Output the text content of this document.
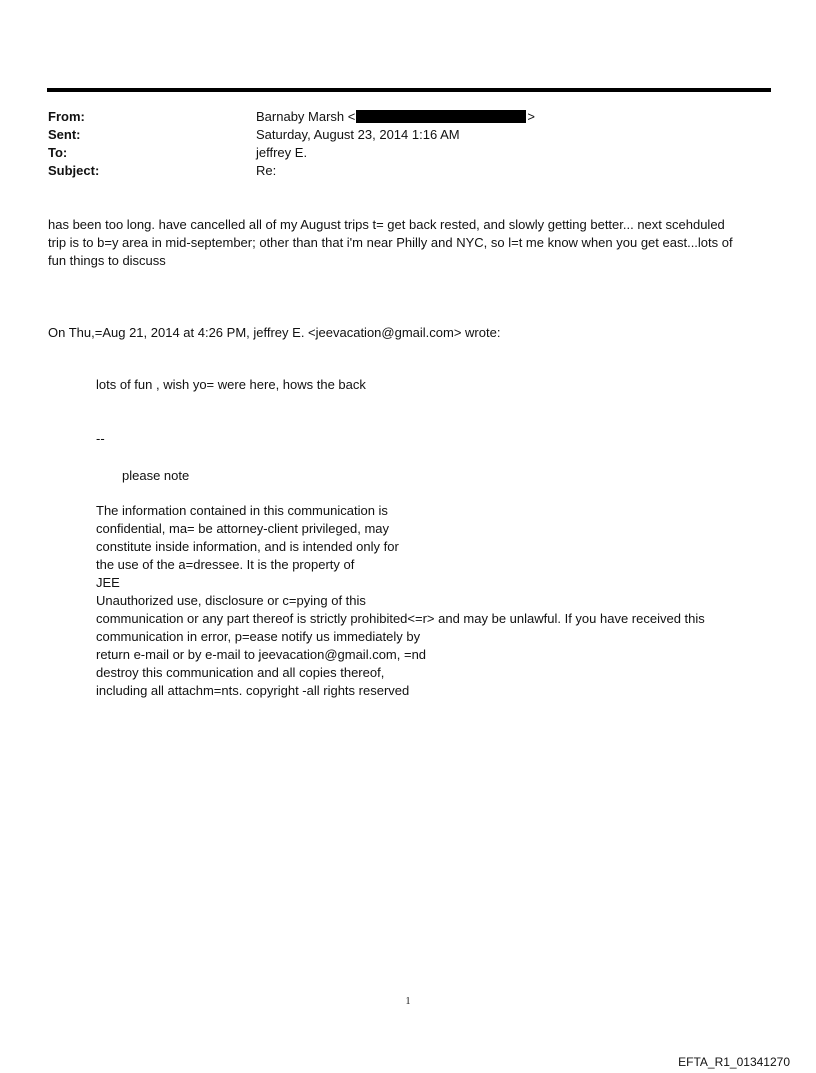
From:	Barnaby Marsh <	>
Sent:	Saturday, August 23, 2014 1:16 AM
To:	jeffrey E.
Subject:	Re:
has been too long. have cancelled all of my August trips t= get back rested, and slowly getting better... next scehduled
trip is to b=y area in mid-september; other than that i'm near Philly and NYC, so l=t me know when you get east...lots of
fun things to discuss
On Thu,=Aug 21, 2014 at 4:26 PM, jeffrey E. <jeevacation@gmail.com> wrote:
lots of fun , wish yo= were here, hows the back
--
please note
The information contained in this communication is
confidential, ma= be attorney-client privileged, may
constitute inside information, and is intended only for
the use of the a=dressee. It is the property of
JEE
Unauthorized use, disclosure or c=pying of this
communication or any part thereof is strictly prohibited<=r> and may be unlawful. If you have received this
communication in error, p=ease notify us immediately by
return e-mail or by e-mail to jeevacation@gmail.com, =nd
destroy this communication and all copies thereof,
including all attachm=nts. copyright -all rights reserved
1
EFTA_R1_01341270
